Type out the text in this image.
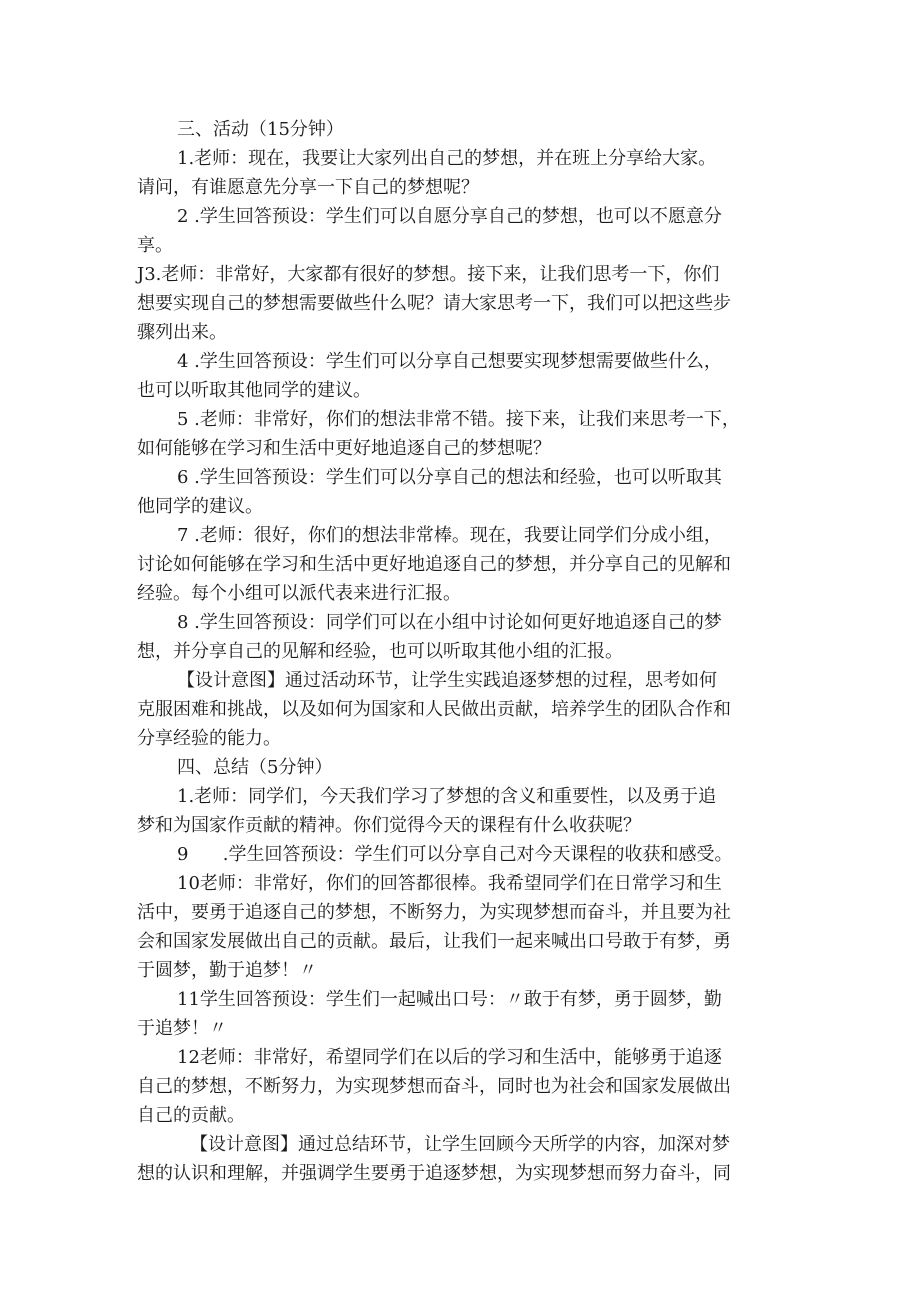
三、活动（15分钟）
1.老师：现在，我要让大家列出自己的梦想，并在班上分享给大家。
请问，有谁愿意先分享一下自己的梦想呢？
2 .学生回答预设：学生们可以自愿分享自己的梦想，也可以不愿意分
享。
J3.老师：非常好，大家都有很好的梦想。接下来，让我们思考一下，你们
想要实现自己的梦想需要做些什么呢？请大家思考一下，我们可以把这些步
骤列出来。
4 .学生回答预设：学生们可以分享自己想要实现梦想需要做些什么，
也可以听取其他同学的建议。
5 .老师：非常好，你们的想法非常不错。接下来，让我们来思考一下，
如何能够在学习和生活中更好地追逐自己的梦想呢？
6 .学生回答预设：学生们可以分享自己的想法和经验，也可以听取其
他同学的建议。
7 .老师：很好，你们的想法非常棒。现在，我要让同学们分成小组，
讨论如何能够在学习和生活中更好地追逐自己的梦想，并分享自己的见解和
经验。每个小组可以派代表来进行汇报。
8 .学生回答预设：同学们可以在小组中讨论如何更好地追逐自己的梦
想，并分享自己的见解和经验，也可以听取其他小组的汇报。
【设计意图】通过活动环节，让学生实践追逐梦想的过程，思考如何
克服困难和挑战，以及如何为国家和人民做出贡献，培养学生的团队合作和
分享经验的能力。
四、总结（5分钟）
1.老师：同学们，今天我们学习了梦想的含义和重要性，以及勇于追
梦和为国家作贡献的精神。你们觉得今天的课程有什么收获呢？
9      .学生回答预设：学生们可以分享自己对今天课程的收获和感受。
10老师：非常好，你们的回答都很棒。我希望同学们在日常学习和生
活中，要勇于追逐自己的梦想，不断努力，为实现梦想而奋斗，并且要为社
会和国家发展做出自己的贡献。最后，让我们一起来喊出口号敢于有梦，勇
于圆梦，勤于追梦！〃
11学生回答预设：学生们一起喊出口号：〃敢于有梦，勇于圆梦，勤
于追梦！〃
12老师：非常好，希望同学们在以后的学习和生活中，能够勇于追逐
自己的梦想，不断努力，为实现梦想而奋斗，同时也为社会和国家发展做出
自己的贡献。
【设计意图】通过总结环节，让学生回顾今天所学的内容，加深对梦
想的认识和理解，并强调学生要勇于追逐梦想，为实现梦想而努力奋斗，同
